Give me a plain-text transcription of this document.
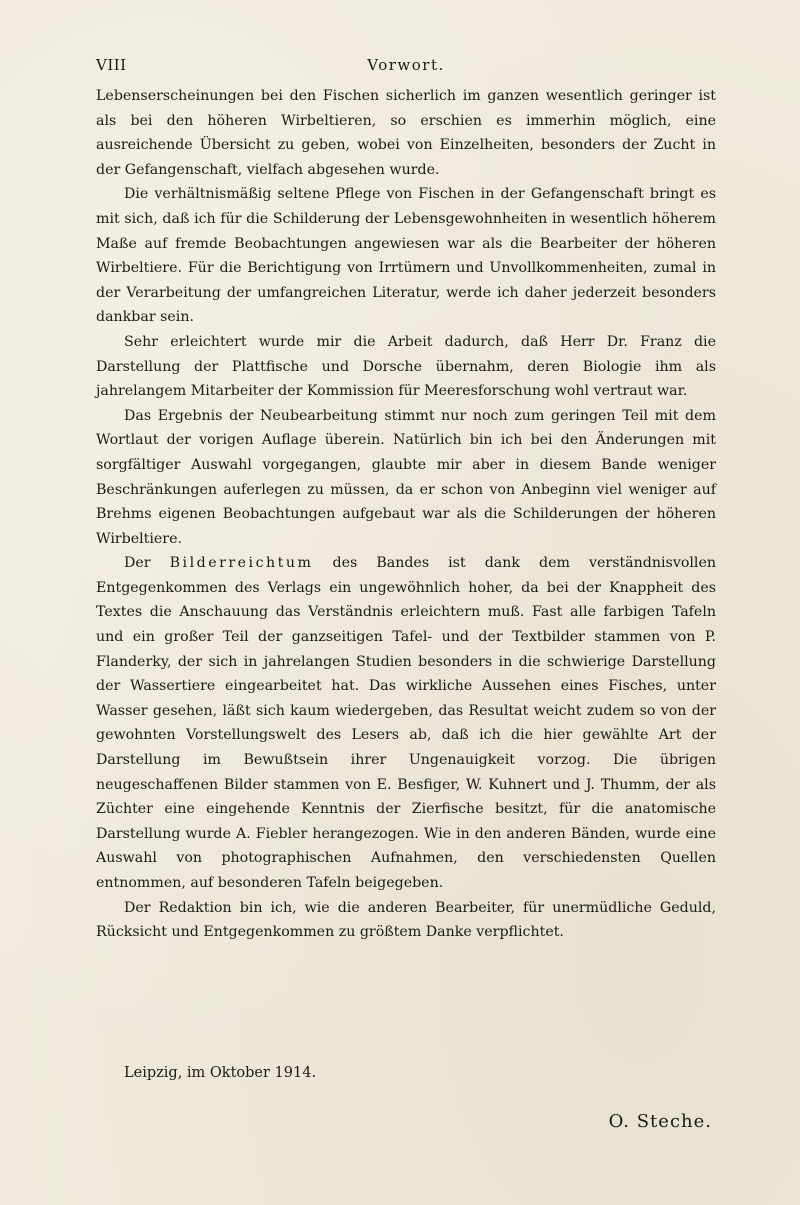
VIII	Vorwort.

Lebenserscheinungen bei den Fischen sicherlich im ganzen wesentlich geringer ist als bei den höheren Wirbeltieren, so erschien es immerhin möglich, eine ausreichende Übersicht zu geben, wobei von Einzelheiten, besonders der Zucht in der Gefangenschaft, vielfach abgesehen wurde.

Die verhältnismäßig seltene Pflege von Fischen in der Gefangenschaft bringt es mit sich, daß ich für die Schilderung der Lebensgewohnheiten in wesentlich höherem Maße auf fremde Beobachtungen angewiesen war als die Bearbeiter der höheren Wirbeltiere. Für die Berichtigung von Irrtümern und Unvollkommenheiten, zumal in der Verarbeitung der umfangreichen Literatur, werde ich daher jederzeit besonders dankbar sein.

Sehr erleichtert wurde mir die Arbeit dadurch, daß Herr Dr. Franz die Darstellung der Plattfische und Dorsche übernahm, deren Biologie ihm als jahrelangem Mitarbeiter der Kommission für Meeresforschung wohl vertraut war.

Das Ergebnis der Neubearbeitung stimmt nur noch zum geringen Teil mit dem Wortlaut der vorigen Auflage überein. Natürlich bin ich bei den Änderungen mit sorgfältiger Auswahl vorgegangen, glaubte mir aber in diesem Bande weniger Beschränkungen auferlegen zu müssen, da er schon von Anbeginn viel weniger auf Brehms eigenen Beobachtungen aufgebaut war als die Schilderungen der höheren Wirbeltiere.

Der Bilderreichtum des Bandes ist dank dem verständnisvollen Entgegenkommen des Verlags ein ungewöhnlich hoher, da bei der Knappheit des Textes die Anschauung das Verständnis erleichtern muß. Fast alle farbigen Tafeln und ein großer Teil der ganzseitigen Tafel- und der Textbilder stammen von P. Flanderky, der sich in jahrelangen Studien besonders in die schwierige Darstellung der Wassertiere eingearbeitet hat. Das wirkliche Aussehen eines Fisches, unter Wasser gesehen, läßt sich kaum wiedergeben, das Resultat weicht zudem so von der gewohnten Vorstellungswelt des Lesers ab, daß ich die hier gewählte Art der Darstellung im Bewußtsein ihrer Ungenauigkeit vorzog. Die übrigen neugeschaffenen Bilder stammen von E. Besfiger, W. Kuhnert und J. Thumm, der als Züchter eine eingehende Kenntnis der Zierfische besitzt, für die anatomische Darstellung wurde A. Fiebler herangezogen. Wie in den anderen Bänden, wurde eine Auswahl von photographischen Aufnahmen, den verschiedensten Quellen entnommen, auf besonderen Tafeln beigegeben.

Der Redaktion bin ich, wie die anderen Bearbeiter, für unermüdliche Geduld, Rücksicht und Entgegenkommen zu größtem Danke verpflichtet.

Leipzig, im Oktober 1914.
O. Steche.
